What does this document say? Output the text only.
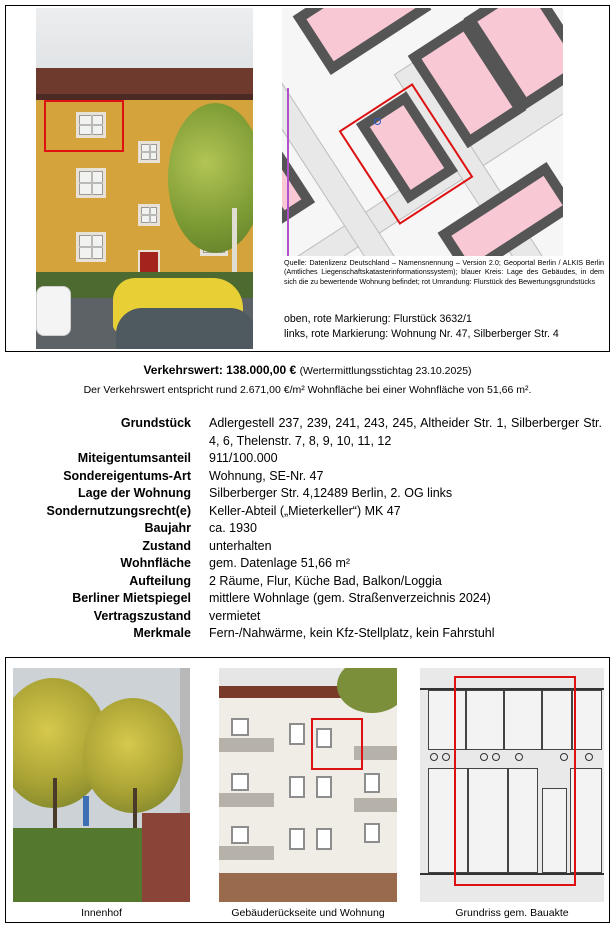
Quelle: Datenlizenz Deutschland – Namensnennung – Version 2.0; Geoportal Berlin / ALKIS Berlin (Amtliches Liegenschaftskatasterinformationssystem); blauer Kreis: Lage des Gebäudes, in dem sich die zu bewertende Wohnung befindet; rot Umrandung: Flurstück des Bewertungsgrundstücks
oben, rote Markierung: Flurstück 3632/1
links, rote Markierung: Wohnung Nr. 47, Silberberger Str. 4
Verkehrswert: 138.000,00 € (Wertermittlungsstichtag 23.10.2025)
Der Verkehrswert entspricht rund 2.671,00 €/m² Wohnfläche bei einer Wohnfläche von 51,66 m².
Grundstück Adlergestell 237, 239, 241, 243, 245, Altheider Str. 1, Silberberger Str. 4, 6, Thelenstr. 7, 8, 9, 10, 11, 12
Miteigentumsanteil 911/100.000
Sondereigentums-Art Wohnung, SE-Nr. 47
Lage der Wohnung Silberberger Str. 4,12489 Berlin, 2. OG links
Sondernutzungsrecht(e) Keller-Abteil („Mieterkeller“) MK 47
Baujahr ca. 1930
Zustand unterhalten
Wohnfläche gem. Datenlage 51,66 m²
Aufteilung 2 Räume, Flur, Küche Bad, Balkon/Loggia
Berliner Mietspiegel mittlere Wohnlage (gem. Straßenverzeichnis 2024)
Vertragszustand vermietet
Merkmale Fern-/Nahwärme, kein Kfz-Stellplatz, kein Fahrstuhl
Innenhof	Gebäuderückseite und Wohnung	Grundriss gem. Bauakte
